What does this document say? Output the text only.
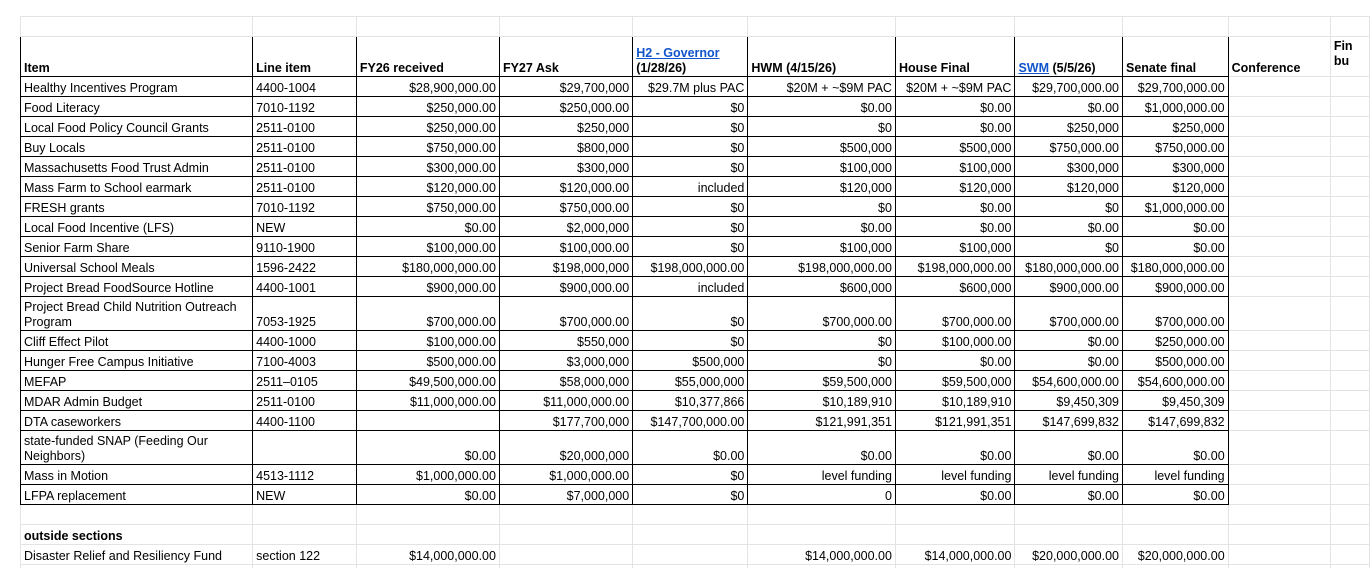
Item	Line item	FY26 received	FY27 Ask	H2 - Governor
(1/28/26)	HWM (4/15/26)	House Final	SWM (5/5/26)	Senate final	Conference	Fin
bu
Healthy Incentives Program	4400-1004	$28,900,000.00	$29,700,000	$29.7M plus PAC	$20M + ~$9M PAC	$20M + ~$9M PAC	$29,700,000.00	$29,700,000.00		
Food Literacy	7010-1192	$250,000.00	$250,000.00	$0	$0.00	$0.00	$0.00	$1,000,000.00		
Local Food Policy Council Grants	2511-0100	$250,000.00	$250,000	$0	$0	$0.00	$250,000	$250,000		
Buy Locals	2511-0100	$750,000.00	$800,000	$0	$500,000	$500,000	$750,000.00	$750,000.00		
Massachusetts Food Trust Admin	2511-0100	$300,000.00	$300,000	$0	$100,000	$100,000	$300,000	$300,000		
Mass Farm to School earmark	2511-0100	$120,000.00	$120,000.00	included	$120,000	$120,000	$120,000	$120,000		
FRESH grants	7010-1192	$750,000.00	$750,000.00	$0	$0	$0.00	$0	$1,000,000.00		
Local Food Incentive (LFS)	NEW	$0.00	$2,000,000	$0	$0.00	$0.00	$0.00	$0.00		
Senior Farm Share	9110-1900	$100,000.00	$100,000.00	$0	$100,000	$100,000	$0	$0.00		
Universal School Meals	1596-2422	$180,000,000.00	$198,000,000	$198,000,000.00	$198,000,000.00	$198,000,000.00	$180,000,000.00	$180,000,000.00		
Project Bread FoodSource Hotline	4400-1001	$900,000.00	$900,000.00	included	$600,000	$600,000	$900,000.00	$900,000.00		
Project Bread Child Nutrition Outreach Program	7053-1925	$700,000.00	$700,000.00	$0	$700,000.00	$700,000.00	$700,000.00	$700,000.00		
Cliff Effect Pilot	4400-1000	$100,000.00	$550,000	$0	$0	$100,000.00	$0.00	$250,000.00		
Hunger Free Campus Initiative	7100-4003	$500,000.00	$3,000,000	$500,000	$0	$0.00	$0.00	$500,000.00		
MEFAP	2511–0105	$49,500,000.00	$58,000,000	$55,000,000	$59,500,000	$59,500,000	$54,600,000.00	$54,600,000.00		
MDAR Admin Budget	2511-0100	$11,000,000.00	$11,000,000.00	$10,377,866	$10,189,910	$10,189,910	$9,450,309	$9,450,309		
DTA caseworkers	4400-1100		$177,700,000	$147,700,000.00	$121,991,351	$121,991,351	$147,699,832	$147,699,832		
state-funded SNAP (Feeding Our Neighbors)		$0.00	$20,000,000	$0.00	$0.00	$0.00	$0.00	$0.00		
Mass in Motion	4513-1112	$1,000,000.00	$1,000,000.00	$0	level funding	level funding	level funding	level funding		
LFPA replacement	NEW	$0.00	$7,000,000	$0	0	$0.00	$0.00	$0.00		

outside sections										
Disaster Relief and Resiliency Fund	section 122	$14,000,000.00			$14,000,000.00	$14,000,000.00	$20,000,000.00	$20,000,000.00		
